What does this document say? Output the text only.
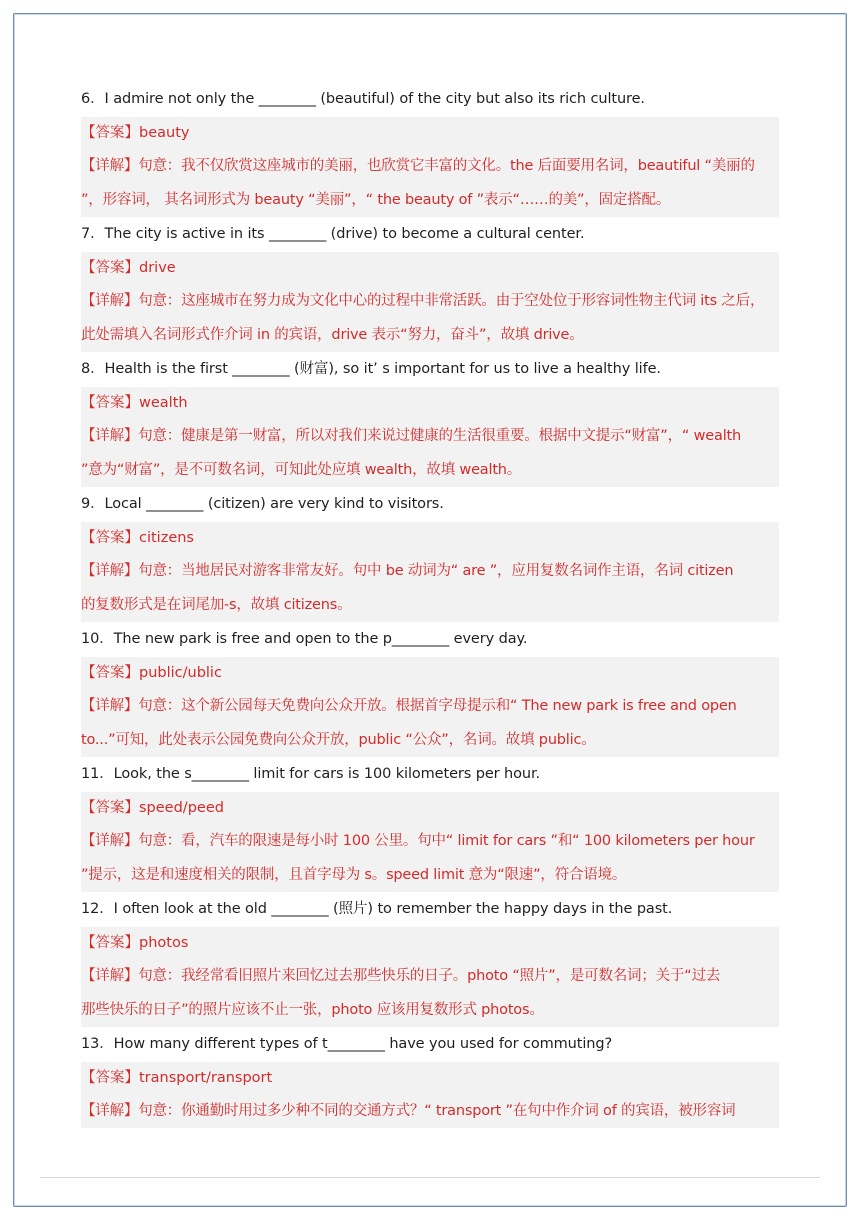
6．I admire not only the ________ (beautiful) of the city but also its rich culture.
【答案】beauty
【详解】句意：我不仅欣赏这座城市的美丽，也欣赏它丰富的文化。the 后面要用名词，beautiful “美丽的
”，形容词， 其名词形式为 beauty “美丽”，“ the beauty of ”表示“……的美”，固定搭配。
7．The city is active in its ________ (drive) to become a cultural center.
【答案】drive
【详解】句意：这座城市在努力成为文化中心的过程中非常活跃。由于空处位于形容词性物主代词 its 之后，
此处需填入名词形式作介词 in 的宾语，drive 表示“努力，奋斗”，故填 drive。
8．Health is the first ________ (财富), so it’ s important for us to live a healthy life.
【答案】wealth
【详解】句意：健康是第一财富，所以对我们来说过健康的生活很重要。根据中文提示“财富”，“ wealth
”意为“财富”，是不可数名词，可知此处应填 wealth，故填 wealth。
9．Local ________ (citizen) are very kind to visitors.
【答案】citizens
【详解】句意：当地居民对游客非常友好。句中 be 动词为“ are ”，应用复数名词作主语，名词 citizen
的复数形式是在词尾加-s，故填 citizens。
10．The new park is free and open to the p________ every day.
【答案】public/ublic
【详解】句意：这个新公园每天免费向公众开放。根据首字母提示和“ The new park is free and open
to...”可知，此处表示公园免费向公众开放，public “公众”，名词。故填 public。
11．Look, the s________ limit for cars is 100 kilometers per hour.
【答案】speed/peed
【详解】句意：看，汽车的限速是每小时 100 公里。句中“ limit for cars ”和“ 100 kilometers per hour
”提示，这是和速度相关的限制，且首字母为 s。speed limit 意为“限速”，符合语境。
12．I often look at the old ________ (照片) to remember the happy days in the past.
【答案】photos
【详解】句意：我经常看旧照片来回忆过去那些快乐的日子。photo “照片”，是可数名词；关于“过去
那些快乐的日子”的照片应该不止一张，photo 应该用复数形式 photos。
13．How many different types of t________ have you used for commuting?
【答案】transport/ransport
【详解】句意：你通勤时用过多少种不同的交通方式？“ transport ”在句中作介词 of 的宾语，被形容词
